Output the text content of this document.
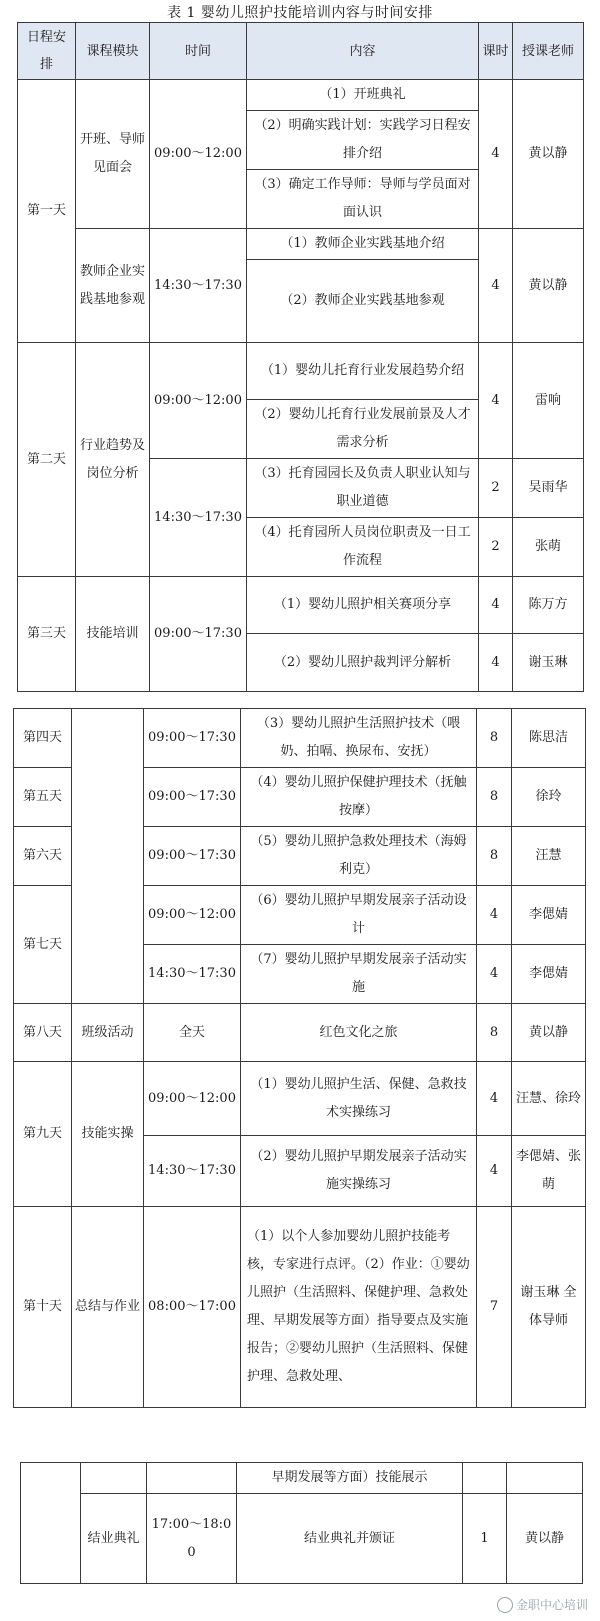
表 1 婴幼儿照护技能培训内容与时间安排
日程安排	课程模块	时间	内容	课时	授课老师
第一天	开班、导师见面会	09:00～12:00	（1）开班典礼	4	黄以静
			（2）明确实践计划：实践学习日程安排介绍		
			（3）确定工作导师：导师与学员面对面认识		
	教师企业实践基地参观	14:30～17:30	（1）教师企业实践基地介绍	4	黄以静
			（2）教师企业实践基地参观		
第二天	行业趋势及岗位分析	09:00～12:00	（1）婴幼儿托育行业发展趋势介绍	4	雷响
			（2）婴幼儿托育行业发展前景及人才需求分析		
		14:30～17:30	（3）托育园园长及负责人职业认知与职业道德	2	吴雨华
			（4）托育园所人员岗位职责及一日工作流程	2	张萌
第三天	技能培训	09:00～17:30	（1）婴幼儿照护相关赛项分享	4	陈万方
			（2）婴幼儿照护裁判评分解析	4	谢玉琳
第四天		09:00～17:30	（3）婴幼儿照护生活照护技术（喂奶、拍嗝、换尿布、安抚）	8	陈思洁
第五天		09:00～17:30	（4）婴幼儿照护保健护理技术（抚触按摩）	8	徐玲
第六天		09:00～17:30	（5）婴幼儿照护急救处理技术（海姆利克）	8	汪慧
第七天		09:00～12:00	（6）婴幼儿照护早期发展亲子活动设计	4	李偲婧
		14:30～17:30	（7）婴幼儿照护早期发展亲子活动实施	4	李偲婧
第八天	班级活动	全天	红色文化之旅	8	黄以静
第九天	技能实操	09:00～12:00	（1）婴幼儿照护生活、保健、急救技术实操练习	4	汪慧、徐玲
		14:30～17:30	（2）婴幼儿照护早期发展亲子活动实施实操练习	4	李偲婧、张萌
第十天	总结与作业	08:00～17:00	（1）以个人参加婴幼儿照护技能考核，专家进行点评。（2）作业：①婴幼儿照护（生活照料、保健护理、急救处理、早期发展等方面）指导要点及实施报告；②婴幼儿照护（生活照料、保健护理、急救处理、	7	谢玉琳 全体导师
			早期发展等方面）技能展示		
	结业典礼	17:00～18:00	结业典礼并颁证	1	黄以静
金职中心培训
